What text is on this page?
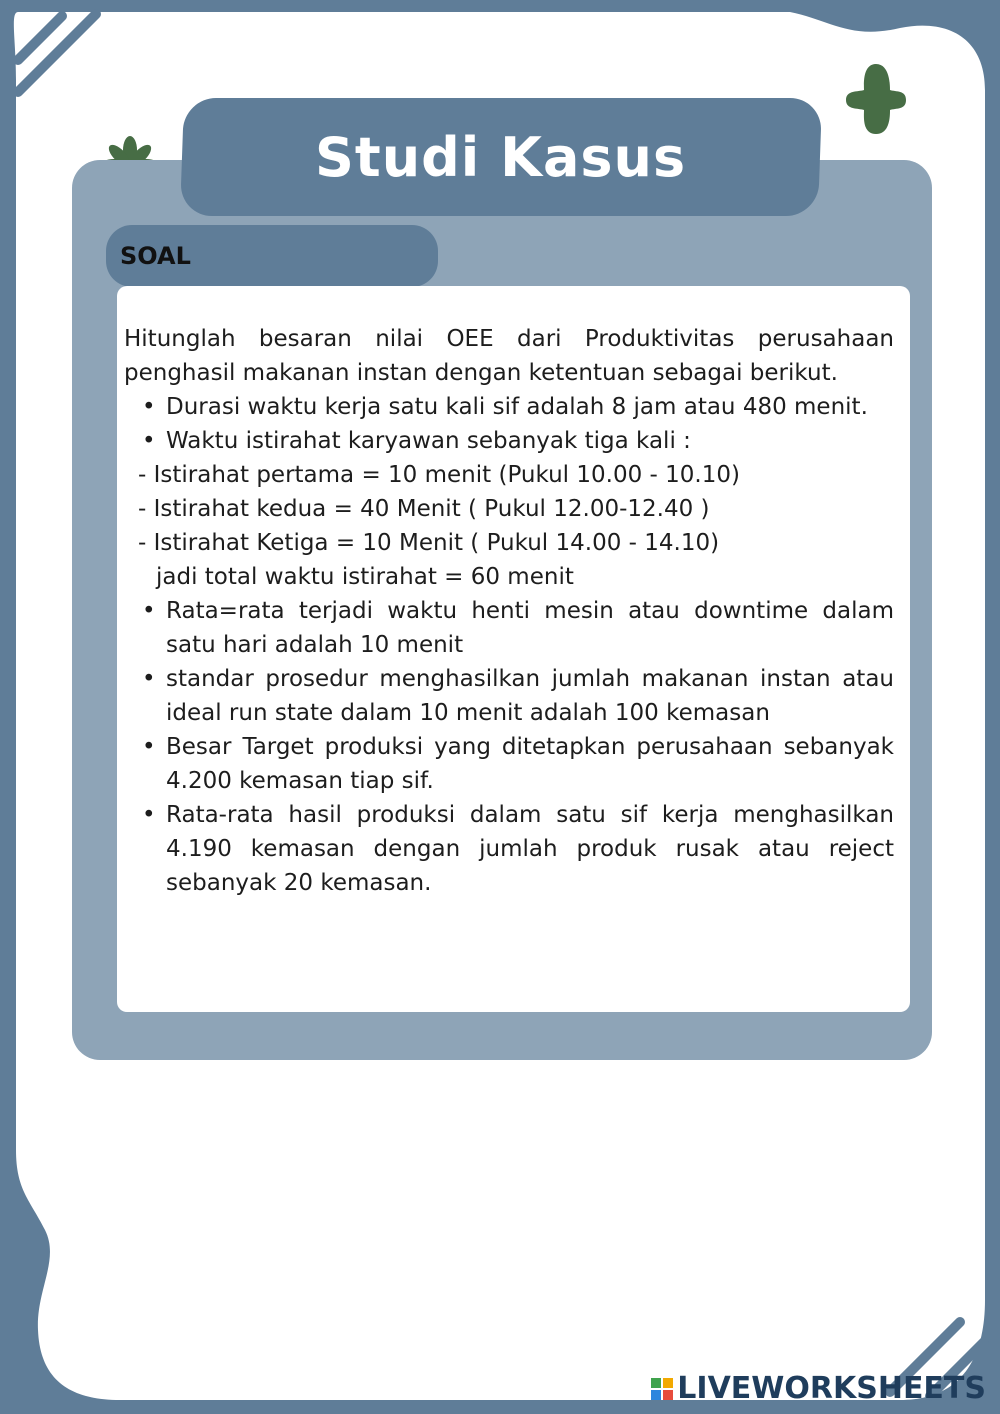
Studi Kasus
SOAL

Hitunglah besaran nilai OEE dari Produktivitas perusahaan penghasil makanan instan dengan ketentuan sebagai berikut.

• Durasi waktu kerja satu kali sif adalah 8 jam atau 480 menit.
• Waktu istirahat karyawan sebanyak tiga kali :
- Istirahat pertama = 10 menit (Pukul 10.00 - 10.10)
- Istirahat kedua = 40 Menit ( Pukul 12.00-12.40 )
- Istirahat Ketiga = 10 Menit ( Pukul 14.00 - 14.10)
jadi total waktu istirahat = 60 menit
• Rata=rata terjadi waktu henti mesin atau downtime dalam satu hari adalah 10 menit
• standar prosedur menghasilkan jumlah makanan instan atau ideal run state dalam 10 menit adalah 100 kemasan
• Besar Target produksi yang ditetapkan perusahaan sebanyak 4.200 kemasan tiap sif.
• Rata-rata hasil produksi dalam satu sif kerja menghasilkan 4.190 kemasan dengan jumlah produk rusak atau reject sebanyak 20 kemasan.
LIVEWORKSHEETS
